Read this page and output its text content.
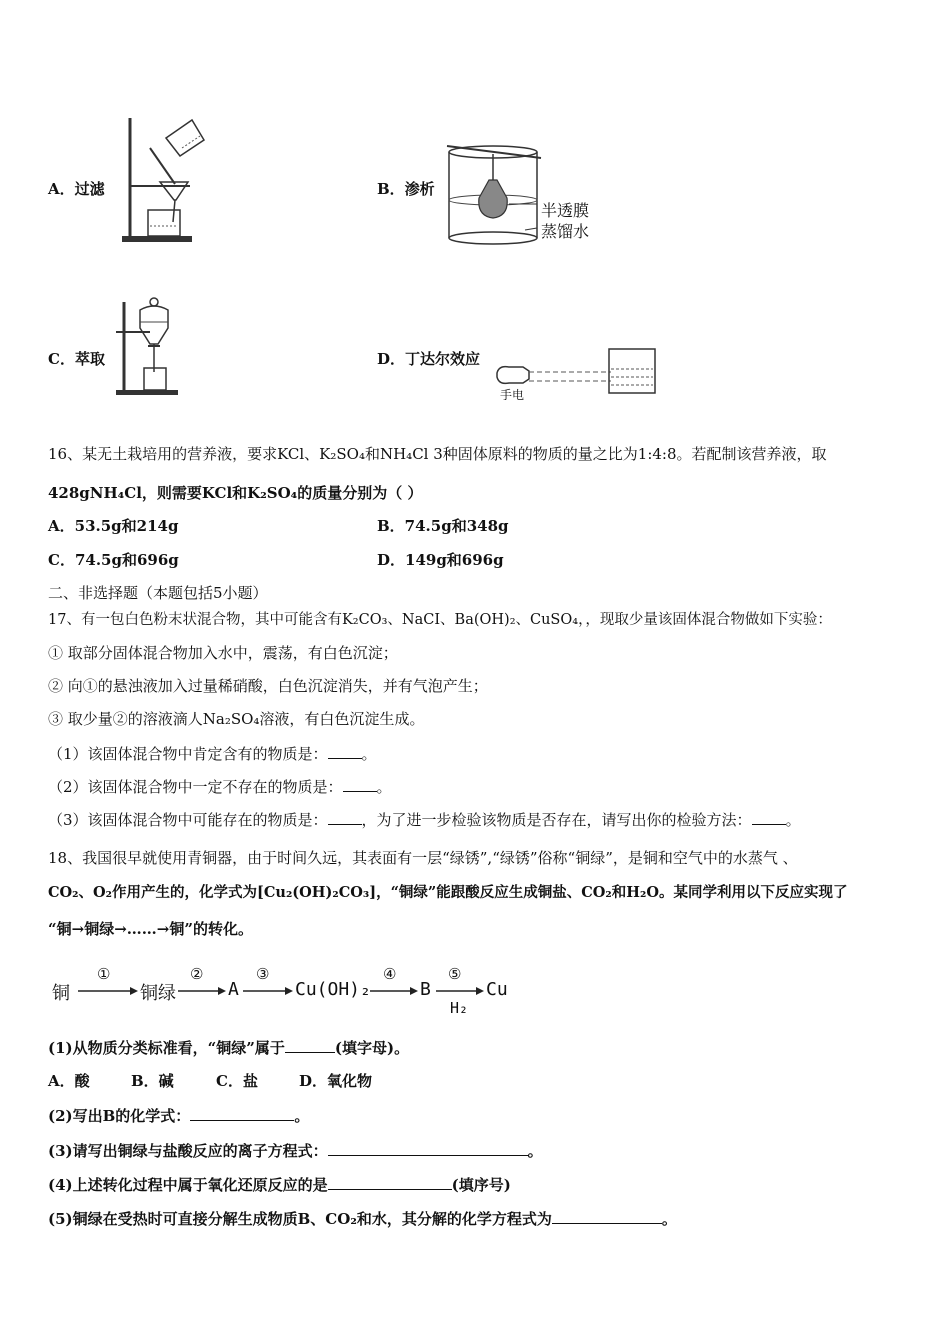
A．过滤	B．渗析
半透膜
蒸馏水
C．萃取	D．丁达尔效应
手电
16、某无土栽培用的营养液，要求KCl、K₂SO₄和NH₄Cl 3种固体原料的物质的量之比为1:4:8。若配制该营养液，取
428gNH₄Cl，则需要KCl和K₂SO₄的质量分别为（ ）
A．53.5g和214g	B．74.5g和348g
C．74.5g和696g	D．149g和696g
二、非选择题（本题包括5小题）
17、有一包白色粉末状混合物，其中可能含有K₂CO₃、NaCI、Ba(OH)₂、CuSO₄，，现取少量该固体混合物做如下实验：
① 取部分固体混合物加入水中，震荡，有白色沉淀；
② 向①的悬浊液加入过量稀硝酸，白色沉淀消失，并有气泡产生；
③ 取少量②的溶液滴人Na₂SO₄溶液，有白色沉淀生成。
（1）该固体混合物中肯定含有的物质是： 。
（2）该固体混合物中一定不存在的物质是： 。
（3）该固体混合物中可能存在的物质是： ，为了进一步检验该物质是否存在，请写出你的检验方法： 。
18、我国很早就使用青铜器，由于时间久远，其表面有一层“绿锈”,“绿锈”俗称“铜绿”，是铜和空气中的水蒸气 、
CO₂、O₂作用产生的，化学式为[Cu₂(OH)₂CO₃]，“铜绿”能跟酸反应生成铜盐、CO₂和H₂O。某同学利用以下反应实现了
“铜→铜绿→……→铜”的转化。
铜
①
铜绿
②
A
③
Cu(OH)₂
④
B
⑤
H₂
Cu
(1)从物质分类标准看，“铜绿”属于	(填字母)。
A．酸	B．碱	C．盐	D．氧化物
(2)写出B的化学式：	。
(3)请写出铜绿与盐酸反应的离子方程式：	。
(4)上述转化过程中属于氧化还原反应的是	(填序号)
(5)铜绿在受热时可直接分解生成物质B、CO₂和水，其分解的化学方程式为	。
